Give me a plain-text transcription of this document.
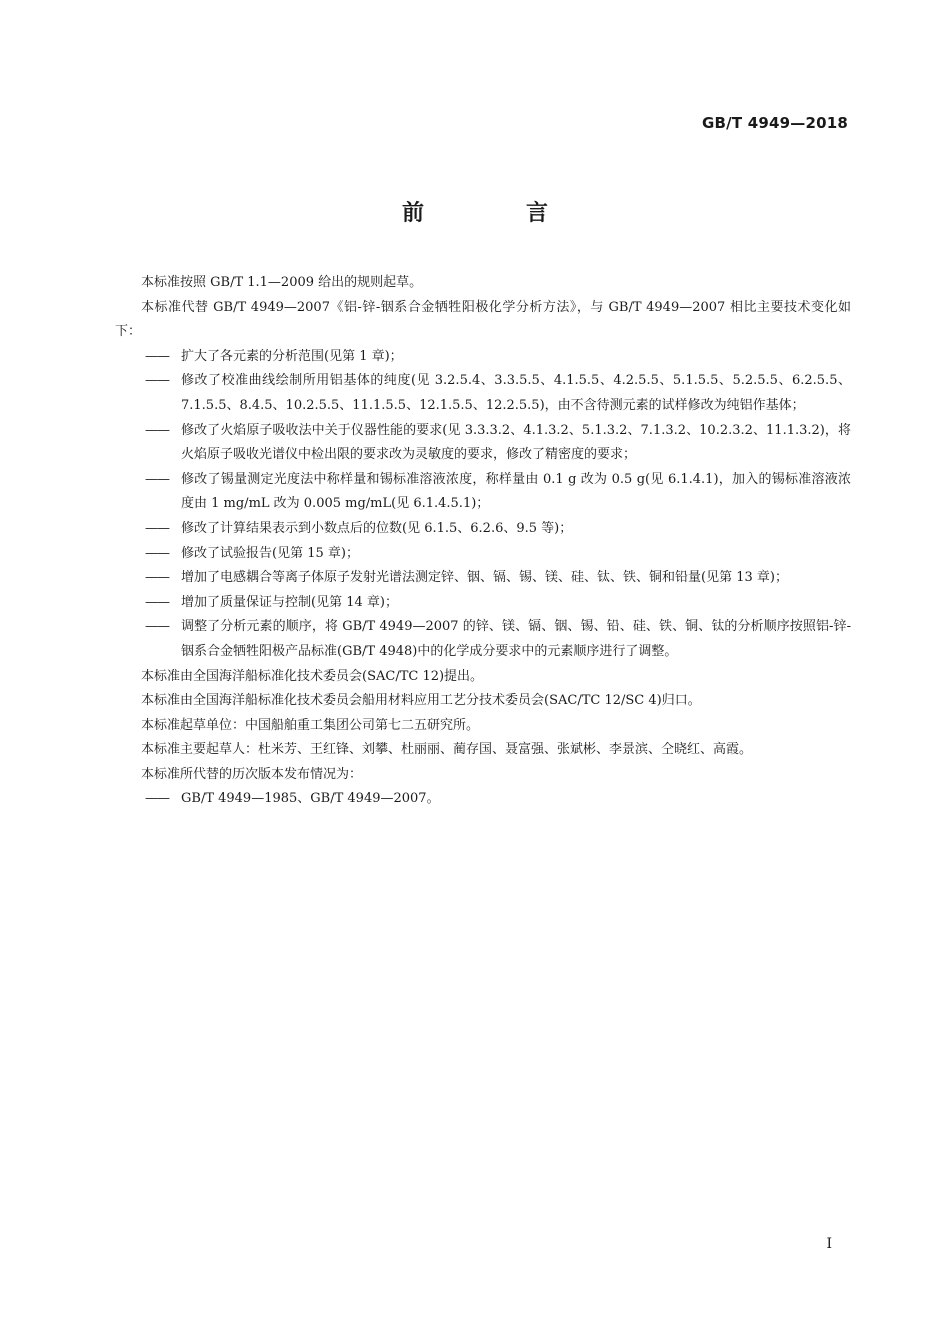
GB/T 4949—2018
前　言

本标准按照 GB/T 1.1—2009 给出的规则起草。

本标准代替 GB/T 4949—2007《铝-锌-铟系合金牺牲阳极化学分析方法》，与 GB/T 4949—2007 相比主要技术变化如下：

—— 扩大了各元素的分析范围(见第 1 章)；

—— 修改了校准曲线绘制所用铝基体的纯度(见 3.2.5.4、3.3.5.5、4.1.5.5、4.2.5.5、5.1.5.5、5.2.5.5、6.2.5.5、7.1.5.5、8.4.5、10.2.5.5、11.1.5.5、12.1.5.5、12.2.5.5)，由不含待测元素的试样修改为纯铝作基体；

—— 修改了火焰原子吸收法中关于仪器性能的要求(见 3.3.3.2、4.1.3.2、5.1.3.2、7.1.3.2、10.2.3.2、11.1.3.2)，将火焰原子吸收光谱仪中检出限的要求改为灵敏度的要求，修改了精密度的要求；

—— 修改了锡量测定光度法中称样量和锡标准溶液浓度，称样量由 0.1 g 改为 0.5 g(见 6.1.4.1)，加入的锡标准溶液浓度由 1 mg/mL 改为 0.005 mg/mL(见 6.1.4.5.1)；

—— 修改了计算结果表示到小数点后的位数(见 6.1.5、6.2.6、9.5 等)；

—— 修改了试验报告(见第 15 章)；

—— 增加了电感耦合等离子体原子发射光谱法测定锌、铟、镉、锡、镁、硅、钛、铁、铜和铅量(见第 13 章)；

—— 增加了质量保证与控制(见第 14 章)；

—— 调整了分析元素的顺序，将 GB/T 4949—2007 的锌、镁、镉、铟、锡、铅、硅、铁、铜、钛的分析顺序按照铝-锌-铟系合金牺牲阳极产品标准(GB/T 4948)中的化学成分要求中的元素顺序进行了调整。

本标准由全国海洋船标准化技术委员会(SAC/TC 12)提出。

本标准由全国海洋船标准化技术委员会船用材料应用工艺分技术委员会(SAC/TC 12/SC 4)归口。

本标准起草单位：中国船舶重工集团公司第七二五研究所。

本标准主要起草人：杜米芳、王红锋、刘攀、杜丽丽、蔺存国、聂富强、张斌彬、李景滨、仝晓红、高霞。

本标准所代替的历次版本发布情况为：

—— GB/T 4949—1985、GB/T 4949—2007。

I
